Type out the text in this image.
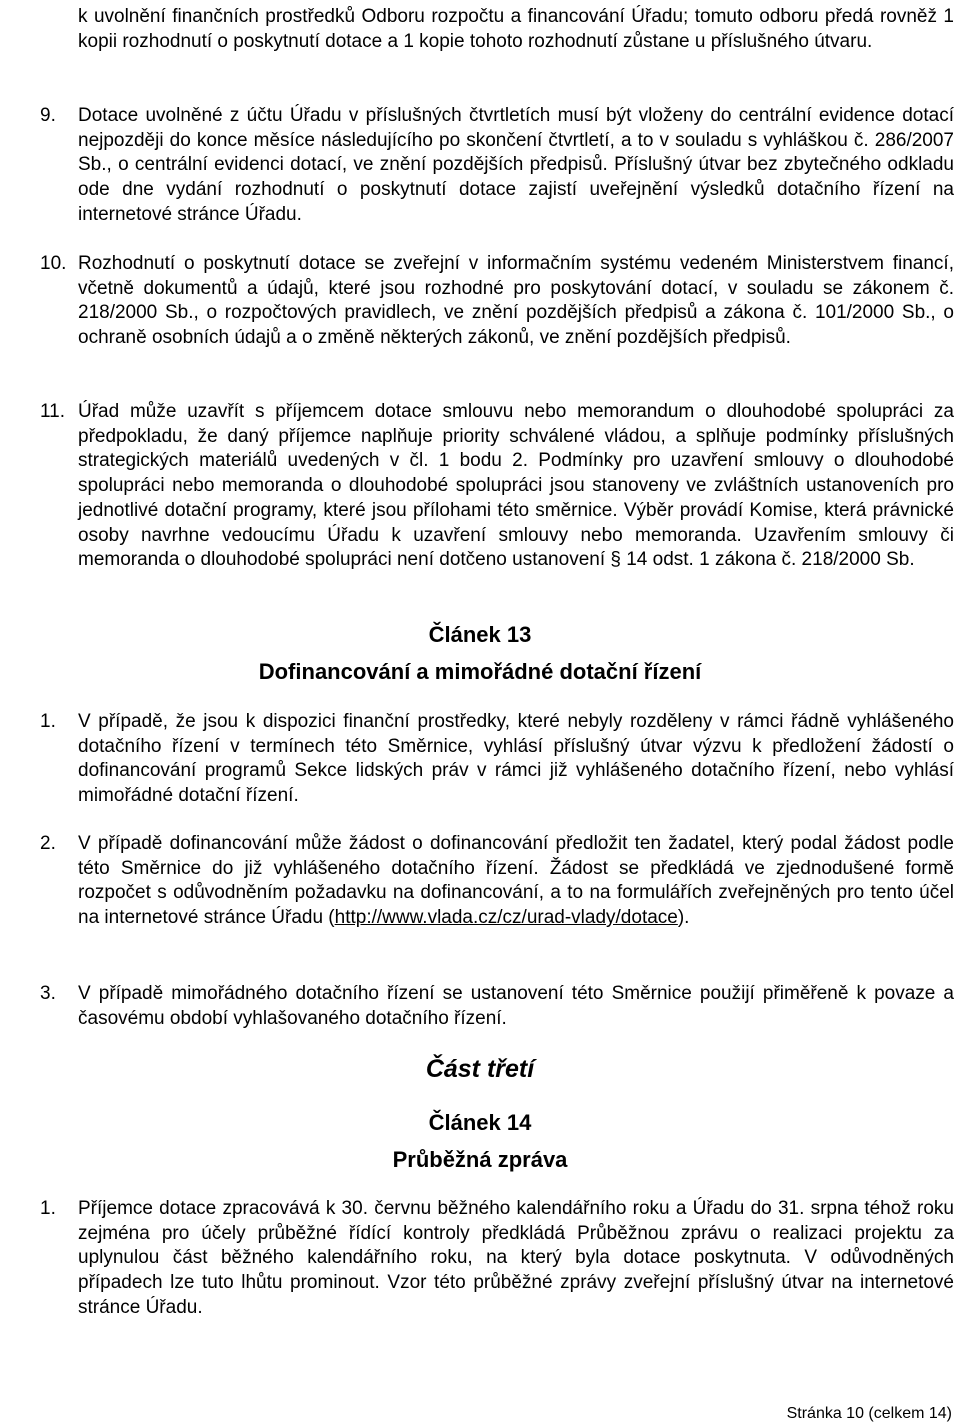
k uvolnění finančních prostředků Odboru rozpočtu a financování Úřadu; tomuto odboru předá rovněž 1 kopii rozhodnutí o poskytnutí dotace a 1 kopie tohoto rozhodnutí zůstane u příslušného útvaru.
9. Dotace uvolněné z účtu Úřadu v příslušných čtvrtletích musí být vloženy do centrální evidence dotací nejpozději do konce měsíce následujícího po skončení čtvrtletí, a to v souladu s vyhláškou č. 286/2007 Sb., o centrální evidenci dotací, ve znění pozdějších předpisů. Příslušný útvar bez zbytečného odkladu ode dne vydání rozhodnutí o poskytnutí dotace zajistí uveřejnění výsledků dotačního řízení na internetové stránce Úřadu.
10. Rozhodnutí o poskytnutí dotace se zveřejní v informačním systému vedeném Ministerstvem financí, včetně dokumentů a údajů, které jsou rozhodné pro poskytování dotací, v souladu se zákonem č. 218/2000 Sb., o rozpočtových pravidlech, ve znění pozdějších předpisů a zákona č. 101/2000 Sb., o ochraně osobních údajů a o změně některých zákonů, ve znění pozdějších předpisů.
11. Úřad může uzavřít s příjemcem dotace smlouvu nebo memorandum o dlouhodobé spolupráci za předpokladu, že daný příjemce naplňuje priority schválené vládou, a splňuje podmínky příslušných strategických materiálů uvedených v čl. 1 bodu 2. Podmínky pro uzavření smlouvy o dlouhodobé spolupráci nebo memoranda o dlouhodobé spolupráci jsou stanoveny ve zvláštních ustanoveních pro jednotlivé dotační programy, které jsou přílohami této směrnice. Výběr provádí Komise, která právnické osoby navrhne vedoucímu Úřadu k uzavření smlouvy nebo memoranda. Uzavřením smlouvy či memoranda o dlouhodobé spolupráci není dotčeno ustanovení § 14 odst. 1 zákona č. 218/2000 Sb.
Článek 13
Dofinancování a mimořádné dotační řízení
1. V případě, že jsou k dispozici finanční prostředky, které nebyly rozděleny v rámci řádně vyhlášeného dotačního řízení v termínech této Směrnice, vyhlásí příslušný útvar výzvu k předložení žádostí o dofinancování programů Sekce lidských práv v rámci již vyhlášeného dotačního řízení, nebo vyhlásí mimořádné dotační řízení.
2. V případě dofinancování může žádost o dofinancování předložit ten žadatel, který podal žádost podle této Směrnice do již vyhlášeného dotačního řízení. Žádost se předkládá ve zjednodušené formě rozpočet s odůvodněním požadavku na dofinancování, a to na formulářích zveřejněných pro tento účel na internetové stránce Úřadu (http://www.vlada.cz/cz/urad-vlady/dotace).
3. V případě mimořádného dotačního řízení se ustanovení této Směrnice použijí přiměřeně k povaze a časovému období vyhlašovaného dotačního řízení.
Část třetí
Článek 14
Průběžná zpráva
1. Příjemce dotace zpracovává k 30. červnu běžného kalendářního roku a Úřadu do 31. srpna téhož roku zejména pro účely průběžné řídící kontroly předkládá Průběžnou zprávu o realizaci projektu za uplynulou část běžného kalendářního roku, na který byla dotace poskytnuta. V odůvodněných případech lze tuto lhůtu prominout. Vzor této průběžné zprávy zveřejní příslušný útvar na internetové stránce Úřadu.
Stránka 10 (celkem 14)
